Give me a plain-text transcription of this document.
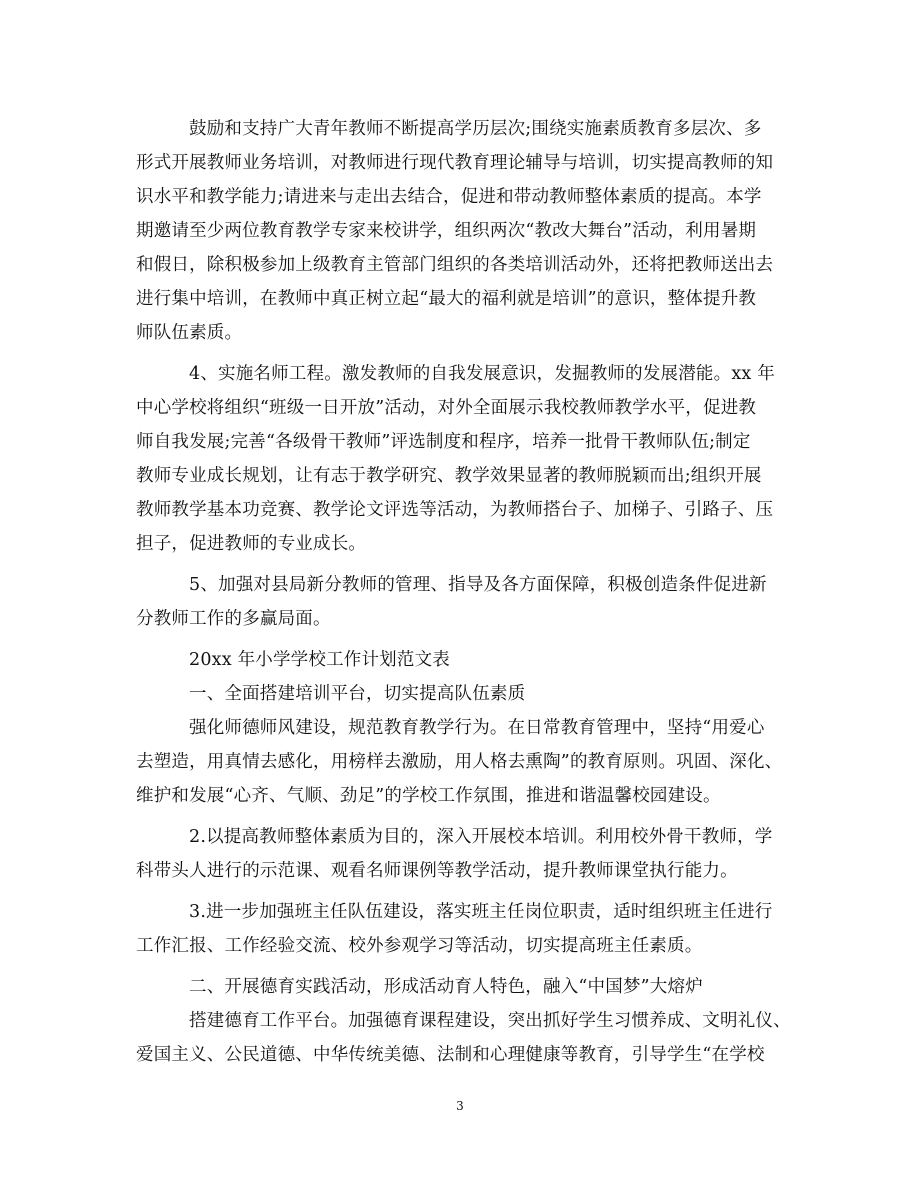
鼓励和支持广大青年教师不断提高学历层次;围绕实施素质教育多层次、多
形式开展教师业务培训，对教师进行现代教育理论辅导与培训，切实提高教师的知
识水平和教学能力;请进来与走出去结合，促进和带动教师整体素质的提高。本学
期邀请至少两位教育教学专家来校讲学，组织两次“教改大舞台”活动，利用暑期
和假日，除积极参加上级教育主管部门组织的各类培训活动外，还将把教师送出去
进行集中培训，在教师中真正树立起“最大的福利就是培训”的意识，整体提升教
师队伍素质。
4、实施名师工程。激发教师的自我发展意识，发掘教师的发展潜能。xx 年
中心学校将组织“班级一日开放”活动，对外全面展示我校教师教学水平，促进教
师自我发展;完善“各级骨干教师”评选制度和程序，培养一批骨干教师队伍;制定
教师专业成长规划，让有志于教学研究、教学效果显著的教师脱颖而出;组织开展
教师教学基本功竞赛、教学论文评选等活动，为教师搭台子、加梯子、引路子、压
担子，促进教师的专业成长。
5、加强对县局新分教师的管理、指导及各方面保障，积极创造条件促进新
分教师工作的多赢局面。
20xx 年小学学校工作计划范文表
一、全面搭建培训平台，切实提高队伍素质
强化师德师风建设，规范教育教学行为。在日常教育管理中，坚持“用爱心
去塑造，用真情去感化，用榜样去激励，用人格去熏陶”的教育原则。巩固、深化、
维护和发展“心齐、气顺、劲足”的学校工作氛围，推进和谐温馨校园建设。
2.以提高教师整体素质为目的，深入开展校本培训。利用校外骨干教师，学
科带头人进行的示范课、观看名师课例等教学活动，提升教师课堂执行能力。
3.进一步加强班主任队伍建设，落实班主任岗位职责，适时组织班主任进行
工作汇报、工作经验交流、校外参观学习等活动，切实提高班主任素质。
二、开展德育实践活动，形成活动育人特色，融入“中国梦”大熔炉
搭建德育工作平台。加强德育课程建设，突出抓好学生习惯养成、文明礼仪、
爱国主义、公民道德、中华传统美德、法制和心理健康等教育，引导学生“在学校
3
